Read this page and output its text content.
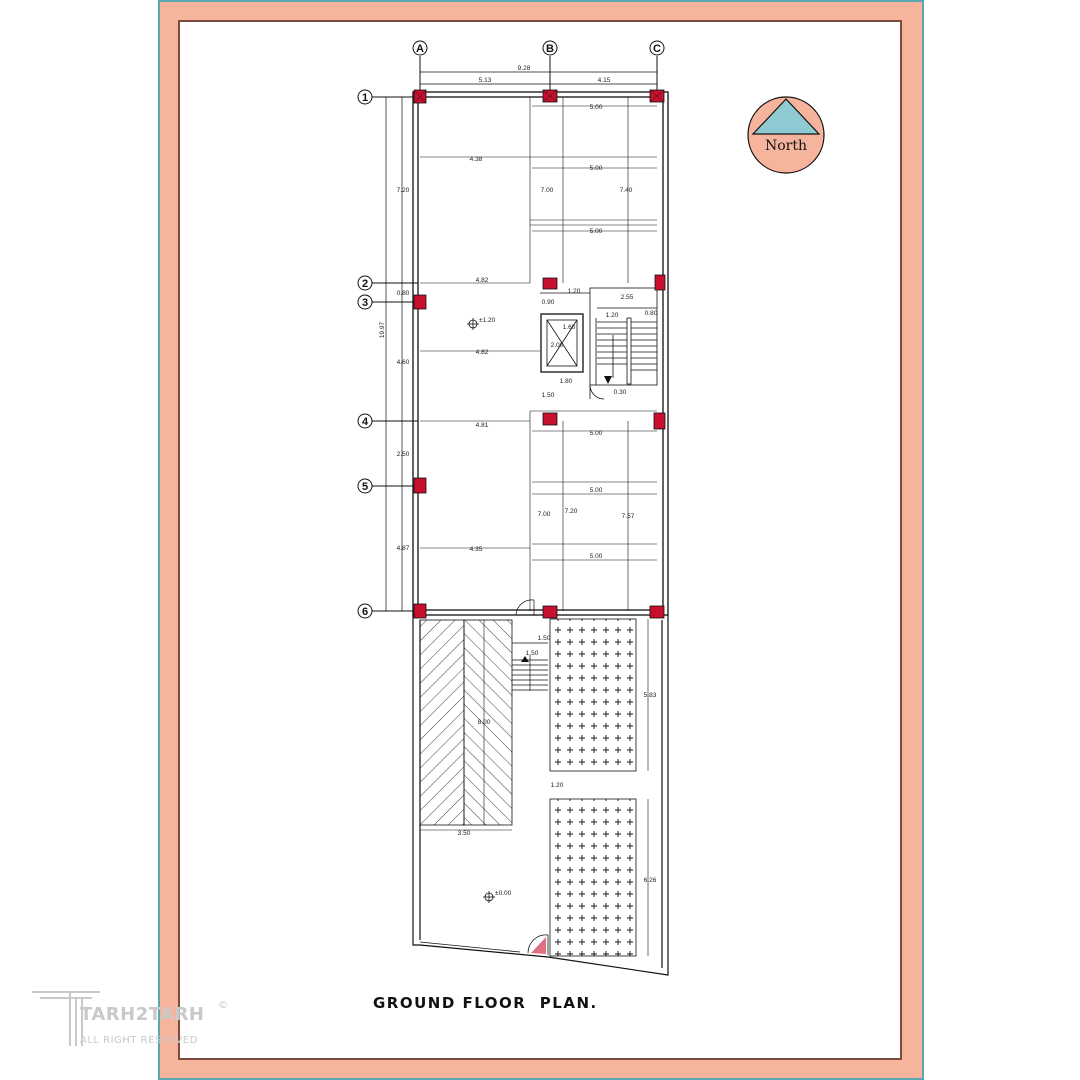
A	B	C
9.28
5.13	4.15
1
2
3
4
5
6
19.97
7.20
0.80
4.60
2.50
4.87
5.00
5.00
5.00
7.00	7.40
4.38
4.82
4.82
4.81
4.35
±1.20
1.60
2.00
1.80
0.90
1.20
2.55
1.20	0.80
1.50	0.30
5.00
5.00
5.00
7.00 7.20
7.57
3.50
8.00
5.83
6.26
1.20
1.50
1.50
±0.00
North
GROUND FLOOR  PLAN.
TARH2TARH ©
ALL RIGHT RESERVED
